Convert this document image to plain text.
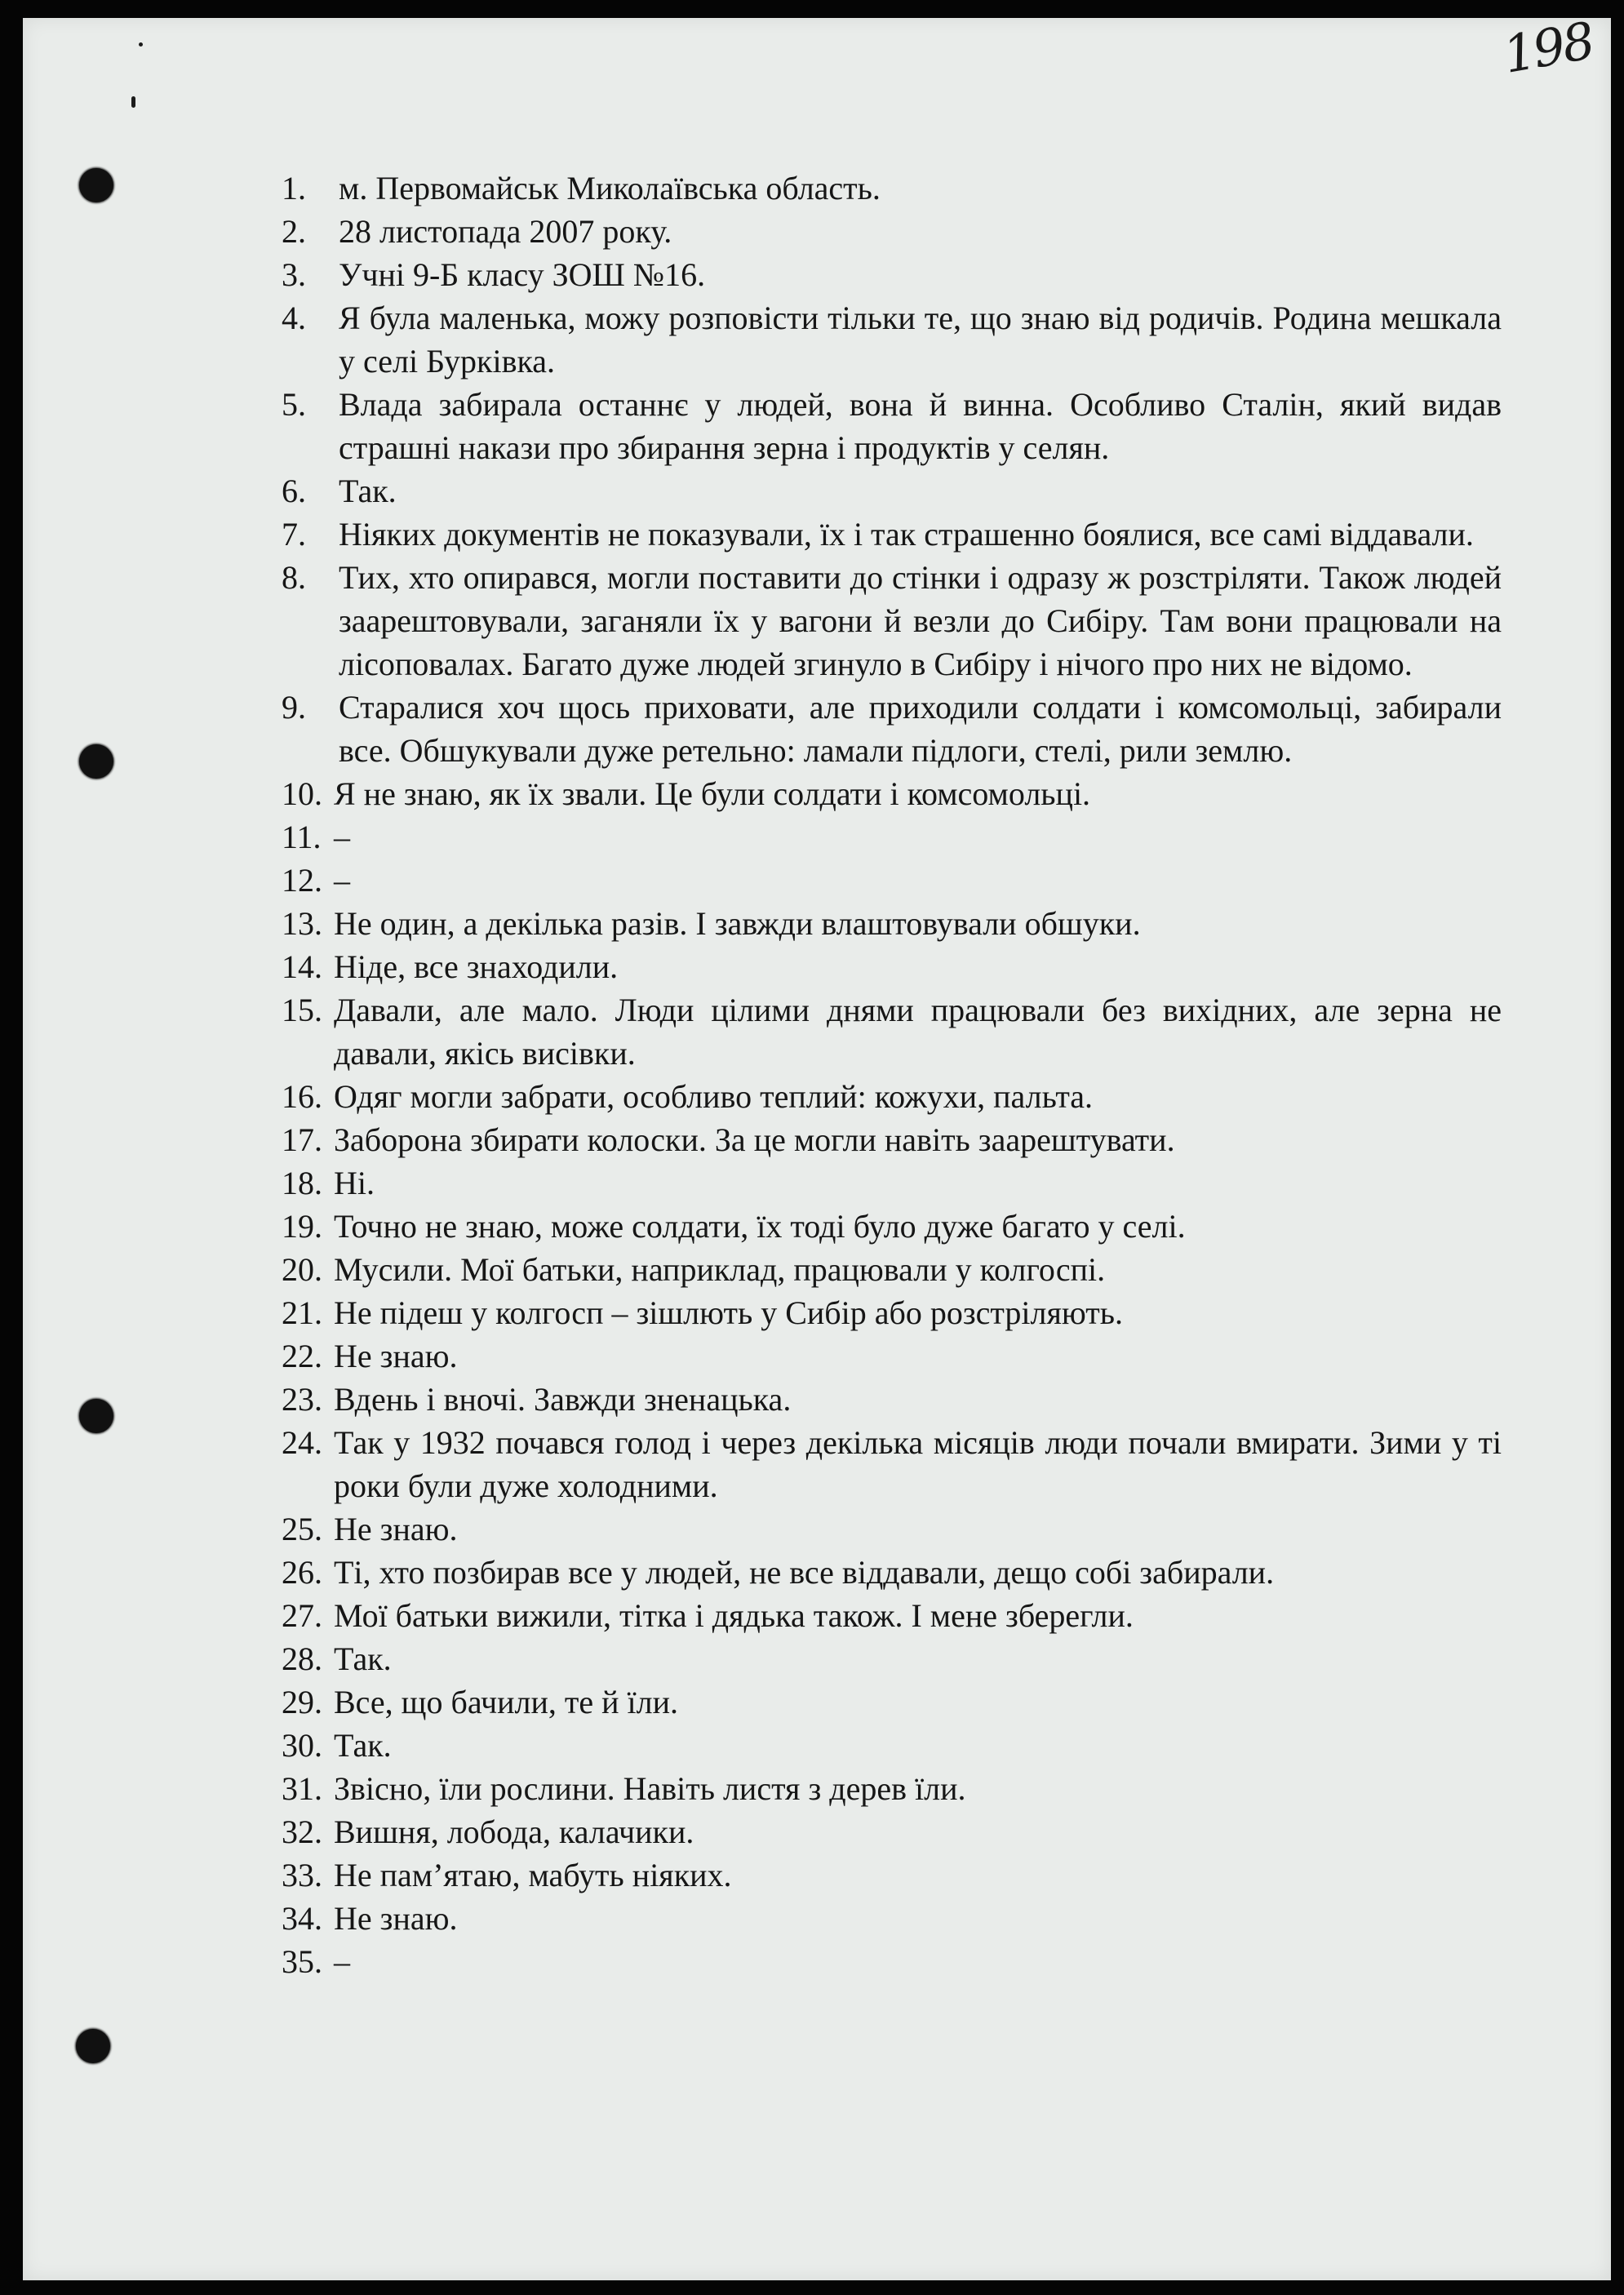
198
1.	м. Первомайськ Миколаївська область.
2.	28 листопада 2007 року.
3.	Учні 9-Б класу ЗОШ №16.
4.	Я була маленька, можу розповісти тільки те, що знаю від родичів. Родина мешкала у селі Бурківка.
5.	Влада забирала останнє у людей, вона й винна. Особливо Сталін, який видав страшні накази про збирання зерна і продуктів у селян.
6.	Так.
7.	Ніяких документів не показували, їх і так страшенно боялися, все самі віддавали.
8.	Тих, хто опирався, могли поставити до стінки і одразу ж розстріляти. Також людей заарештовували, заганяли їх у вагони й везли до Сибіру. Там вони працювали на лісоповалах. Багато дуже людей згинуло в Сибіру і нічого про них не відомо.
9.	Старалися хоч щось приховати, але приходили солдати і комсомольці, забирали все. Обшукували дуже ретельно: ламали підлоги, стелі, рили землю.
10. Я не знаю, як їх звали. Це були солдати і комсомольці.
11. –
12. –
13. Не один, а декілька разів. І завжди влаштовували обшуки.
14. Ніде, все знаходили.
15. Давали, але мало. Люди цілими днями працювали без вихідних, але зерна не давали, якісь висівки.
16. Одяг могли забрати, особливо теплий: кожухи, пальта.
17. Заборона збирати колоски. За це могли навіть заарештувати.
18. Ні.
19. Точно не знаю, може солдати, їх тоді було дуже багато у селі.
20. Мусили. Мої батьки, наприклад, працювали у колгоспі.
21. Не підеш у колгосп – зішлють у Сибір або розстріляють.
22. Не знаю.
23. Вдень і вночі. Завжди зненацька.
24. Так у 1932 почався голод і через декілька місяців люди почали вмирати. Зими у ті роки були дуже холодними.
25. Не знаю.
26. Ті, хто позбирав все у людей, не все віддавали, дещо собі забирали.
27. Мої батьки вижили, тітка і дядька також. І мене зберегли.
28. Так.
29. Все, що бачили, те й їли.
30. Так.
31. Звісно, їли рослини. Навіть листя з дерев їли.
32. Вишня, лобода, калачики.
33. Не пам’ятаю, мабуть ніяких.
34. Не знаю.
35. –
